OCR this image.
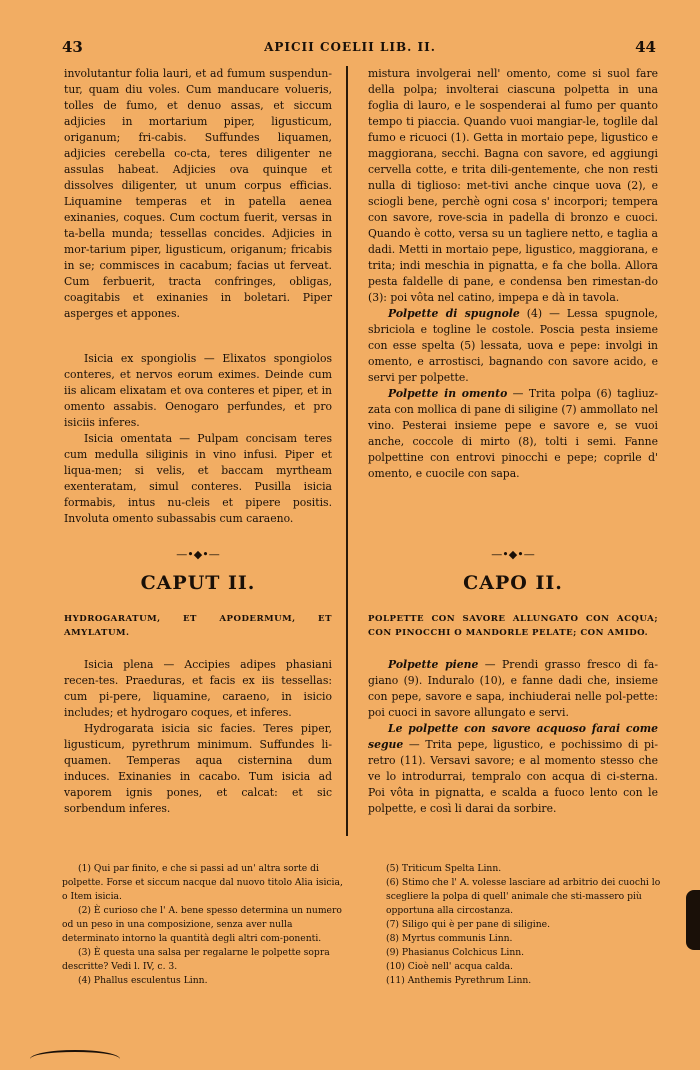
43	APICII COELII LIB. II.	44

involutantur folia lauri, et ad fumum suspendun-tur, quam diu voles. Cum manducare volueris, tolles de fumo, et denuo assas, et siccum adjicies in mortarium piper, ligusticum, origanum; fri-cabis. Suffundes liquamen, adjicies cerebella co-cta, teres diligenter ne assulas habeat. Adjicies ova quinque et dissolves diligenter, ut unum corpus efficias. Liquamine temperas et in patella aenea exinanies, coques. Cum coctum fuerit, versas in ta-bella munda; tessellas concides. Adjicies in mor-tarium piper, ligusticum, origanum; fricabis in se; commisces in cacabum; facias ut ferveat. Cum ferbuerit, tracta confringes, obligas, coagitabis et exinanies in boletari. Piper asperges et appones.

Isicia ex spongiolis — Elixatos spongiolos conteres, et nervos eorum eximes. Deinde cum iis alicam elixatam et ova conteres et piper, et in omento assabis. Oenogaro perfundes, et pro isiciis inferes.

Isicia omentata — Pulpam concisam teres cum medulla siliginis in vino infusi. Piper et liqua-men; si velis, et baccam myrtheam exenteratam, simul conteres. Pusilla isicia formabis, intus nu-cleis et pipere positis. Involuta omento subassabis cum caraeno.

—•◆•—
CAPUT II.
HYDROGARATUM, ET APODERMUM, ET AMYLATUM.

Isicia plena — Accipies adipes phasiani recen-tes. Praeduras, et facis ex iis tessellas: cum pi-pere, liquamine, caraeno, in isicio includes; et hydrogaro coques, et inferes.

Hydrogarata isicia sic facies. Teres piper, ligusticum, pyrethrum minimum. Suffundes li-quamen. Temperas aqua cisternina dum induces. Exinanies in cacabo. Tum isicia ad vaporem ignis pones, et calcat: et sic sorbendum inferes.

mistura involgerai nell' omento, come si suol fare della polpa; involterai ciascuna polpetta in una foglia di lauro, e le sospenderai al fumo per quanto tempo ti piaccia. Quando vuoi mangiar-le, toglile dal fumo e ricuoci (1). Getta in mortaio pepe, ligustico e maggiorana, secchi. Bagna con savore, ed aggiungi cervella cotte, e trita dili-gentemente, che non resti nulla di tiglioso: met-tivi anche cinque uova (2), e sciogli bene, perchè ogni cosa s' incorpori; tempera con savore, rove-scia in padella di bronzo e cuoci. Quando è cotto, versa su un tagliere netto, e taglia a dadi. Metti in mortaio pepe, ligustico, maggiorana, e trita; indi meschia in pignatta, e fa che bolla. Allora pesta faldelle di pane, e condensa ben rimestan-do (3): poi vôta nel catino, impepa e dà in tavola.

Polpette di spugnole (4) — Lessa spugnole, sbriciola e togline le costole. Poscia pesta insieme con esse spelta (5) lessata, uova e pepe: involgi in omento, e arrostisci, bagnando con savore acido, e servi per polpette.

Polpette in omento — Trita polpa (6) tagliuz-zata con mollica di pane di siligine (7) ammollato nel vino. Pesterai insieme pepe e savore e, se vuoi anche, coccole di mirto (8), tolti i semi. Fanne polpettine con entrovi pinocchi e pepe; coprile d' omento, e cuocile con sapa.

—•◆•—
CAPO II.
POLPETTE CON SAVORE ALLUNGATO CON ACQUA; CON PINOCCHI O MANDORLE PELATE; CON AMIDO.

Polpette piene — Prendi grasso fresco di fa-giano (9). Induralo (10), e fanne dadi che, insieme con pepe, savore e sapa, inchiuderai nelle pol-pette: poi cuoci in savore allungato e servi.

Le polpette con savore acquoso farai come segue — Trita pepe, ligustico, e pochissimo di pi-retro (11). Versavi savore; e al momento stesso che ve lo introdurrai, tempralo con acqua di ci-sterna. Poi vôta in pignatta, e scalda a fuoco lento con le polpette, e così li darai da sorbire.

(1) Qui par finito, e che si passi ad un' altra sorte di polpette. Forse et siccum nacque dal nuovo titolo Alia isicia, o Item isicia.

(2) È curioso che l' A. bene spesso determina un numero od un peso in una composizione, senza aver nulla determinato intorno la quantità degli altri com-ponenti.

(3) È questa una salsa per regalarne le polpette sopra descritte? Vedi l. IV, c. 3.

(4) Phallus esculentus Linn.

(5) Triticum Spelta Linn.

(6) Stimo che l' A. volesse lasciare ad arbitrio dei cuochi lo scegliere la polpa di quell' animale che sti-massero più opportuna alla circostanza.

(7) Siligo qui è per pane di siligine.

(8) Myrtus communis Linn.

(9) Phasianus Colchicus Linn.

(10) Cioè nell' acqua calda.

(11) Anthemis Pyrethrum Linn.
